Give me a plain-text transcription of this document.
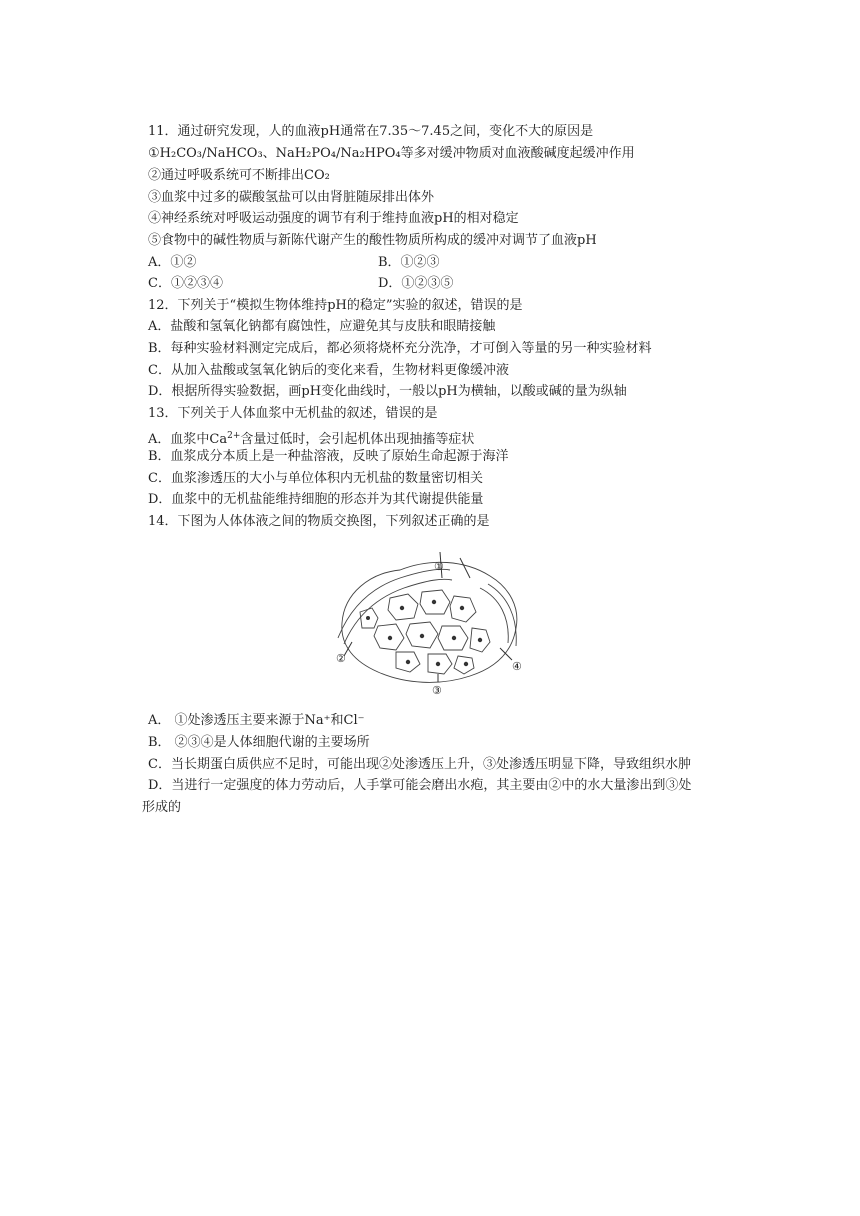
11．通过研究发现，人的血液pH通常在7.35～7.45之间，变化不大的原因是
①H₂CO₃/NaHCO₃、NaH₂PO₄/Na₂HPO₄等多对缓冲物质对血液酸碱度起缓冲作用
②通过呼吸系统可不断排出CO₂
③血浆中过多的碳酸氢盐可以由肾脏随尿排出体外
④神经系统对呼吸运动强度的调节有利于维持血液pH的相对稳定
⑤食物中的碱性物质与新陈代谢产生的酸性物质所构成的缓冲对调节了血液pH
A．①②	B．①②③
C．①②③④	D．①②③⑤
12．下列关于“模拟生物体维持pH的稳定”实验的叙述，错误的是
A．盐酸和氢氧化钠都有腐蚀性，应避免其与皮肤和眼睛接触
B．每种实验材料测定完成后，都必须将烧杯充分洗净，才可倒入等量的另一种实验材料
C．从加入盐酸或氢氧化钠后的变化来看，生物材料更像缓冲液
D．根据所得实验数据，画pH变化曲线时，一般以pH为横轴，以酸或碱的量为纵轴
13．下列关于人体血浆中无机盐的叙述，错误的是
A．血浆中$Ca^{2+}$含量过低时，会引起机体出现抽搐等症状
B．血浆成分本质上是一种盐溶液，反映了原始生命起源于海洋
C．血浆渗透压的大小与单位体积内无机盐的数量密切相关
D．血浆中的无机盐能维持细胞的形态并为其代谢提供能量
14．下图为人体体液之间的物质交换图，下列叙述正确的是
①
②
③
④
A． ①处渗透压主要来源于Na⁺和Cl⁻
B． ②③④是人体细胞代谢的主要场所
C．当长期蛋白质供应不足时，可能出现②处渗透压上升，③处渗透压明显下降，导致组织水肿
D．当进行一定强度的体力劳动后，人手掌可能会磨出水疱，其主要由②中的水大量渗出到③处
形成的
